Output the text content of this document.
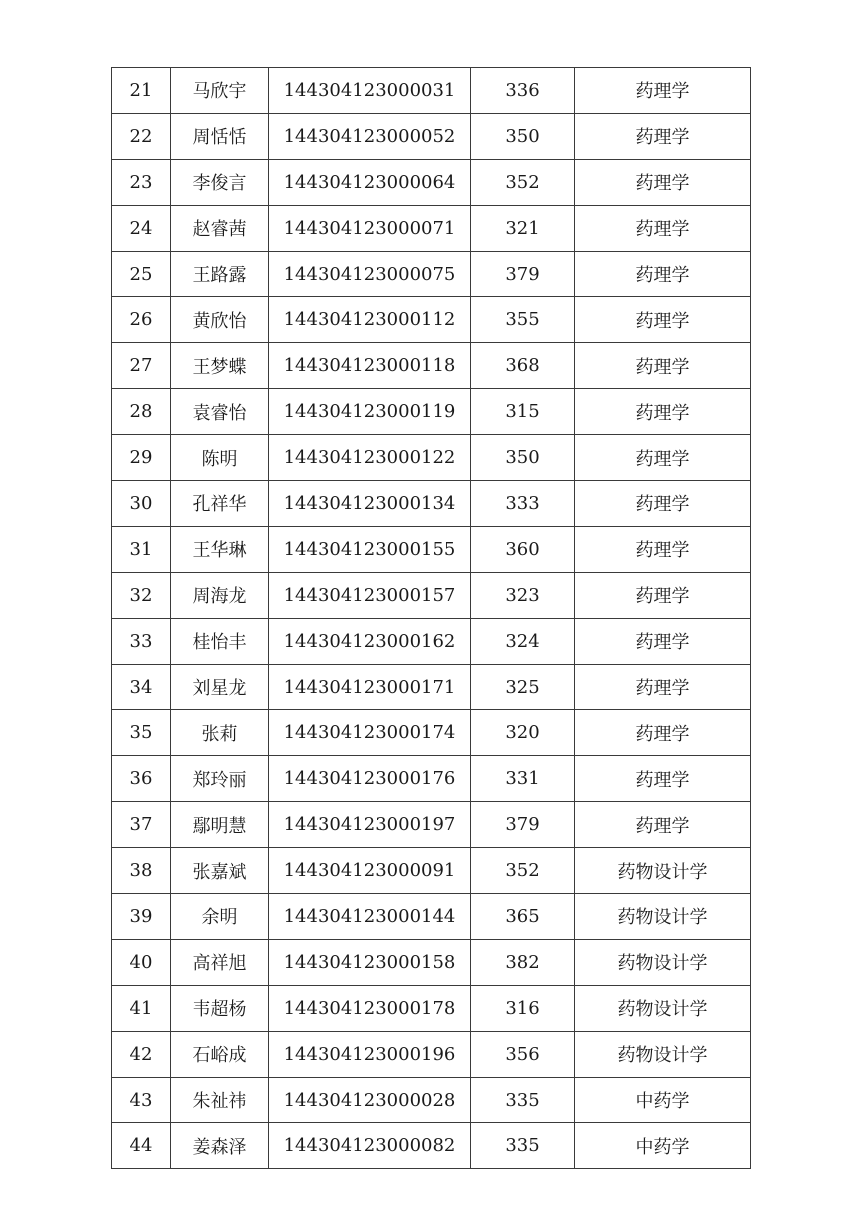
21	马欣宇	144304123000031	336	药理学
22	周恬恬	144304123000052	350	药理学
23	李俊言	144304123000064	352	药理学
24	赵睿茜	144304123000071	321	药理学
25	王路露	144304123000075	379	药理学
26	黄欣怡	144304123000112	355	药理学
27	王梦蝶	144304123000118	368	药理学
28	袁睿怡	144304123000119	315	药理学
29	陈明	144304123000122	350	药理学
30	孔祥华	144304123000134	333	药理学
31	王华琳	144304123000155	360	药理学
32	周海龙	144304123000157	323	药理学
33	桂怡丰	144304123000162	324	药理学
34	刘星龙	144304123000171	325	药理学
35	张莉	144304123000174	320	药理学
36	郑玲丽	144304123000176	331	药理学
37	鄢明慧	144304123000197	379	药理学
38	张嘉斌	144304123000091	352	药物设计学
39	余明	144304123000144	365	药物设计学
40	高祥旭	144304123000158	382	药物设计学
41	韦超杨	144304123000178	316	药物设计学
42	石峪成	144304123000196	356	药物设计学
43	朱祉祎	144304123000028	335	中药学
44	姜森泽	144304123000082	335	中药学
